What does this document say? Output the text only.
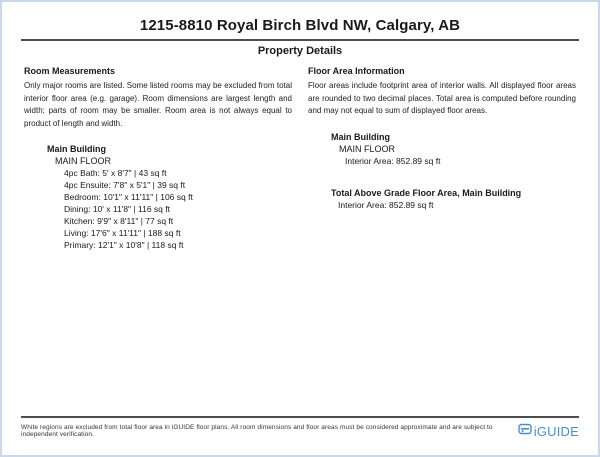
1215-8810 Royal Birch Blvd NW, Calgary, AB
Property Details
Room Measurements
Only major rooms are listed. Some listed rooms may be excluded from total interior floor area (e.g. garage). Room dimensions are largest length and width; parts of room may be smaller. Room area is not always equal to product of length and width.
Main Building
MAIN FLOOR
4pc Bath: 5' x 8'7" | 43 sq ft
4pc Ensuite: 7'8" x 5'1" | 39 sq ft
Bedroom: 10'1" x 11'11" | 106 sq ft
Dining: 10' x 11'8" | 116 sq ft
Kitchen: 9'9" x 8'11" | 77 sq ft
Living: 17'6" x 11'11" | 188 sq ft
Primary: 12'1" x 10'8" | 118 sq ft
Floor Area Information
Floor areas include footprint area of interior walls. All displayed floor areas are rounded to two decimal places. Total area is computed before rounding and may not equal to sum of displayed floor areas.
Main Building
MAIN FLOOR
Interior Area: 852.89 sq ft
Total Above Grade Floor Area, Main Building
Interior Area: 852.89 sq ft
White regions are excluded from total floor area in iGUIDE floor plans. All room dimensions and floor areas must be considered approximate and are subject to independent verification.	iGUIDE
